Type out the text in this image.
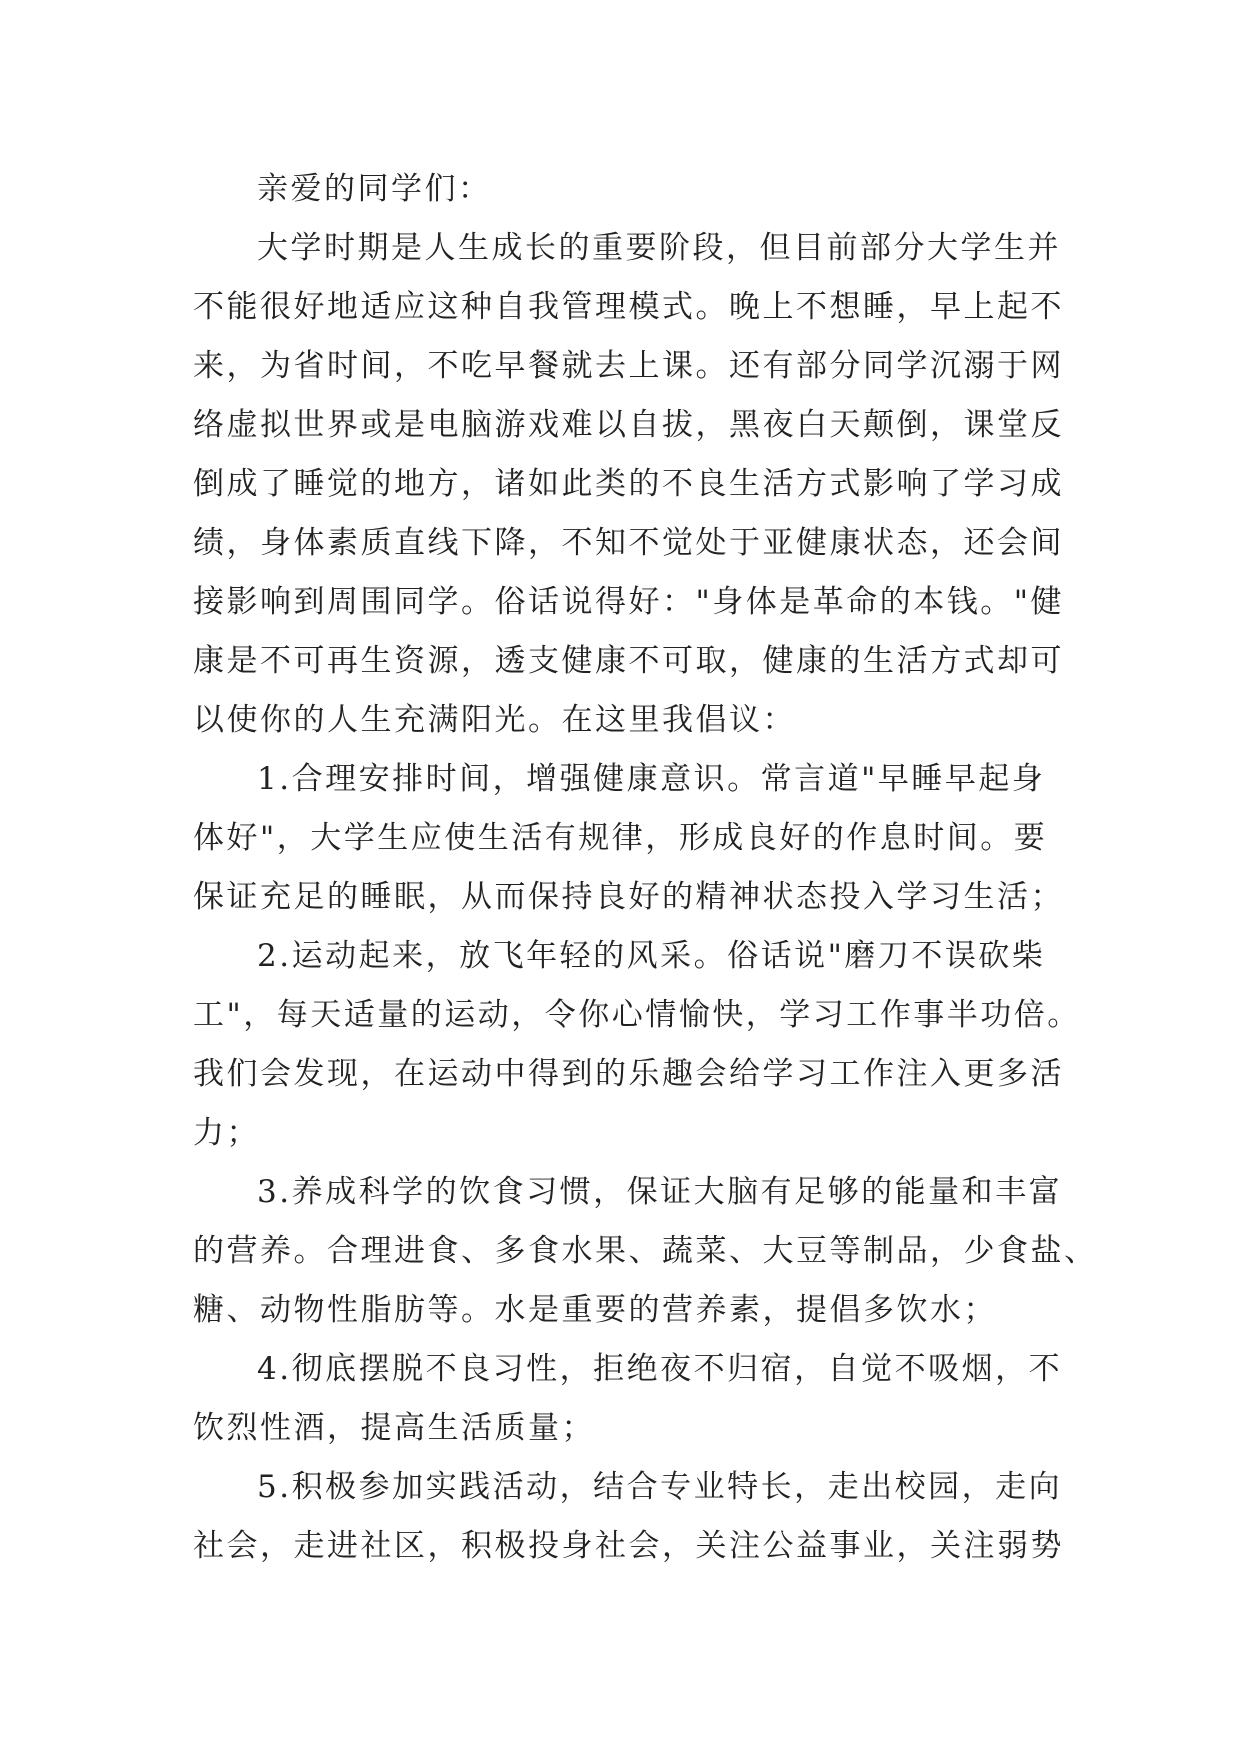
亲爱的同学们：
大学时期是人生成长的重要阶段，但目前部分大学生并
不能很好地适应这种自我管理模式。晚上不想睡，早上起不
来，为省时间，不吃早餐就去上课。还有部分同学沉溺于网
络虚拟世界或是电脑游戏难以自拔，黑夜白天颠倒，课堂反
倒成了睡觉的地方，诸如此类的不良生活方式影响了学习成
绩，身体素质直线下降，不知不觉处于亚健康状态，还会间
接影响到周围同学。俗话说得好："身体是革命的本钱。"健
康是不可再生资源，透支健康不可取，健康的生活方式却可
以使你的人生充满阳光。在这里我倡议：
1.合理安排时间，增强健康意识。常言道"早睡早起身
体好"，大学生应使生活有规律，形成良好的作息时间。要
保证充足的睡眠，从而保持良好的精神状态投入学习生活；
2.运动起来，放飞年轻的风采。俗话说"磨刀不误砍柴
工"，每天适量的运动，令你心情愉快，学习工作事半功倍。
我们会发现，在运动中得到的乐趣会给学习工作注入更多活
力；
3.养成科学的饮食习惯，保证大脑有足够的能量和丰富
的营养。合理进食、多食水果、蔬菜、大豆等制品，少食盐、
糖、动物性脂肪等。水是重要的营养素，提倡多饮水；
4.彻底摆脱不良习性，拒绝夜不归宿，自觉不吸烟，不
饮烈性酒，提高生活质量；
5.积极参加实践活动，结合专业特长，走出校园，走向
社会，走进社区，积极投身社会，关注公益事业，关注弱势
